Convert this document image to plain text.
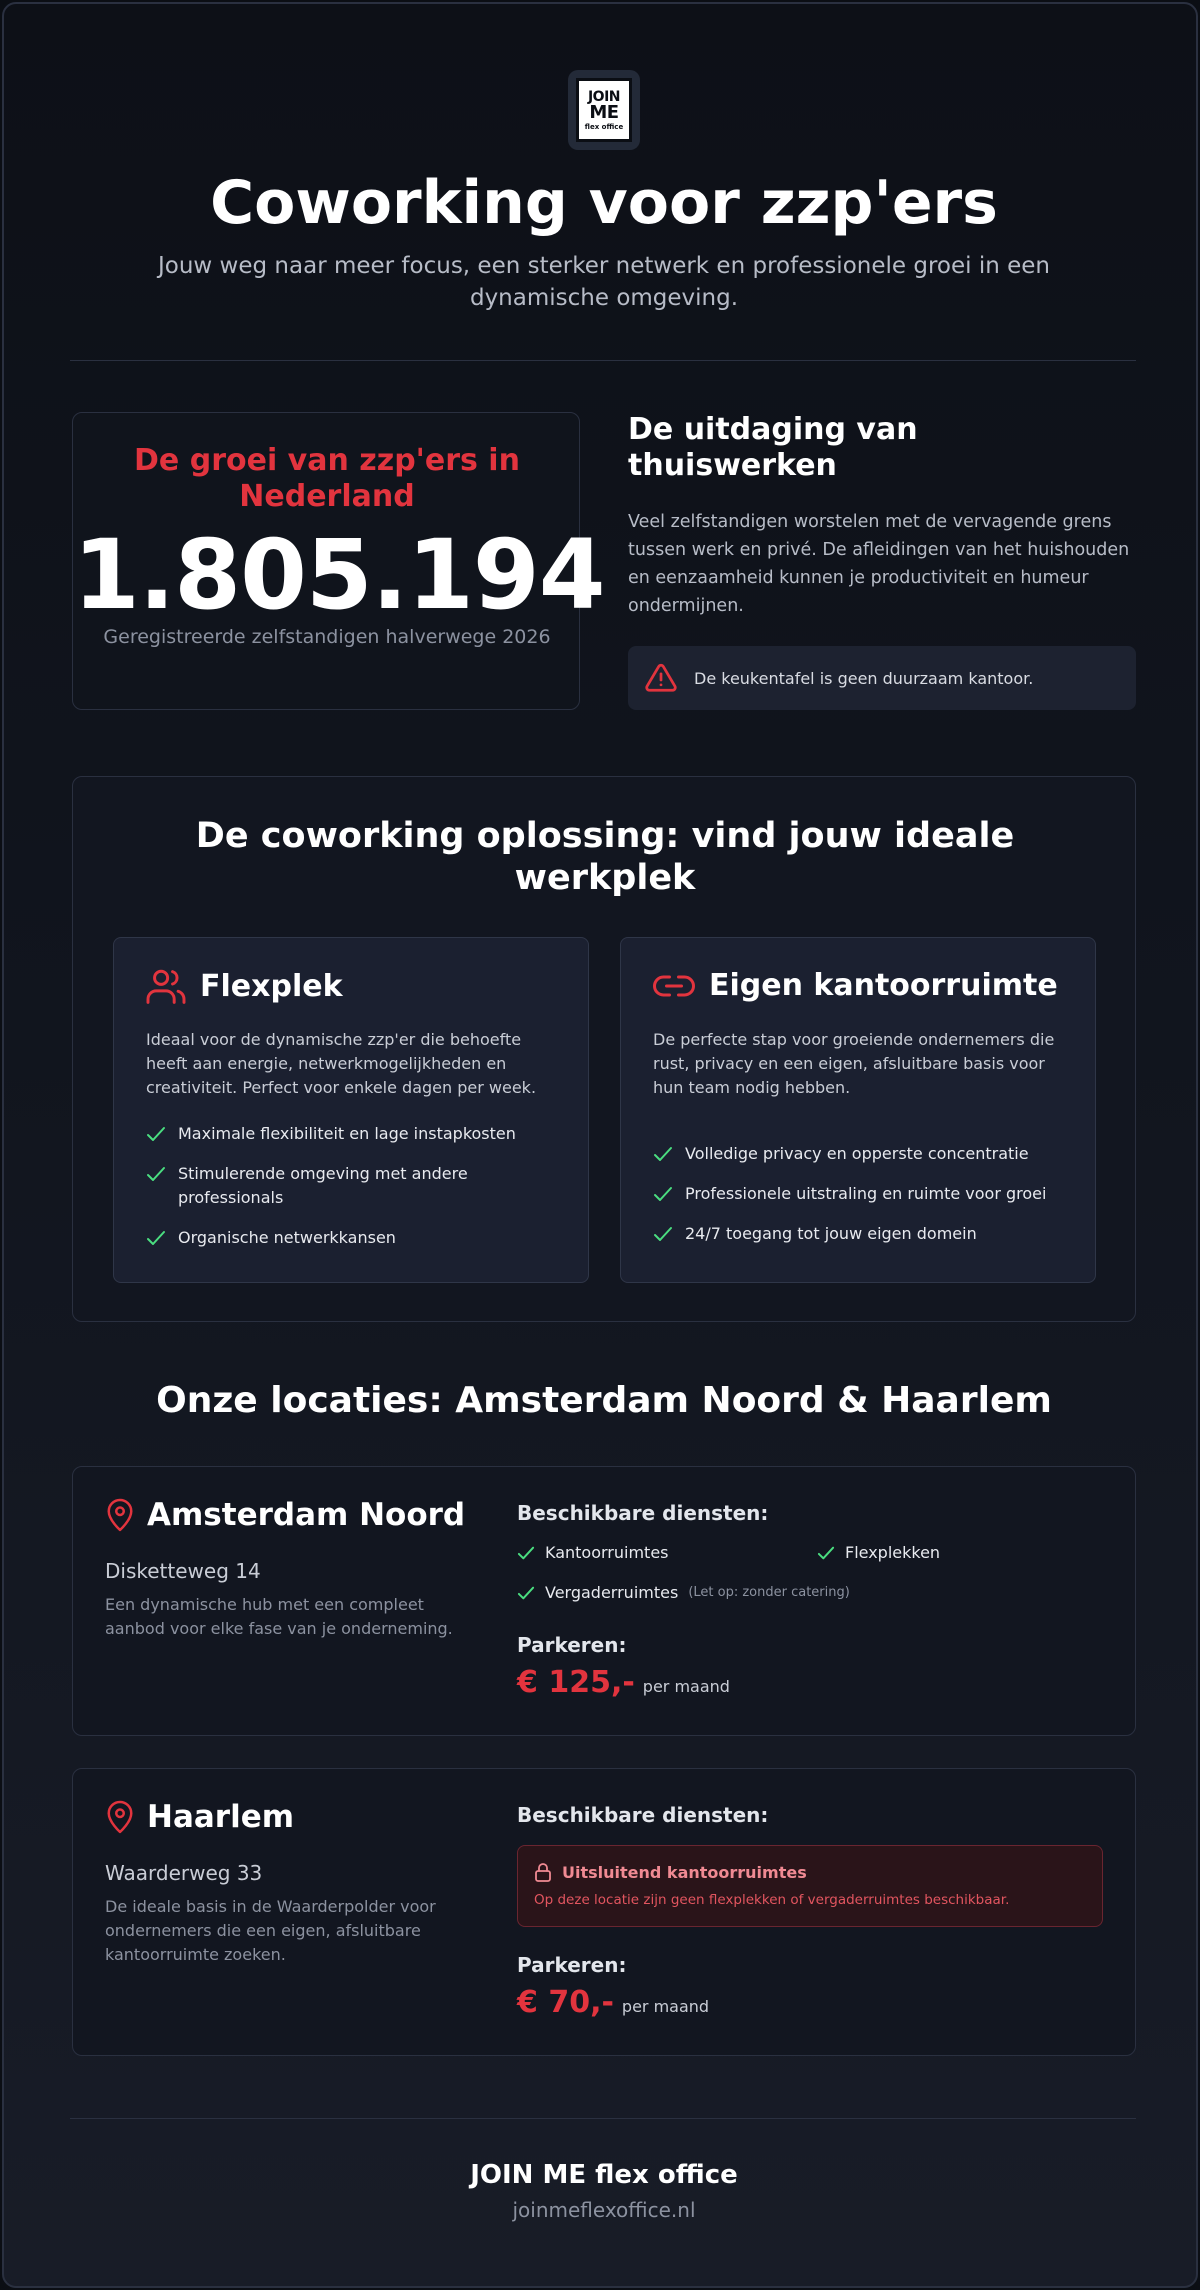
JOIN
ME
flex office
Coworking voor zzp'ers

Jouw weg naar meer focus, een sterker netwerk en professionele groei in een dynamische omgeving.

De groei van zzp'ers in Nederland
1.805.194

Geregistreerde zelfstandigen halverwege 2026

De uitdaging van thuiswerken

Veel zelfstandigen worstelen met de vervagende grens tussen werk en privé. De afleidingen van het huishouden en eenzaamheid kunnen je productiviteit en humeur ondermijnen.

De keukentafel is geen duurzaam kantoor.
De coworking oplossing: vind jouw ideale werkplek
Flexplek

Ideaal voor de dynamische zzp'er die behoefte heeft aan energie, netwerkmogelijkheden en creativiteit. Perfect voor enkele dagen per week.

Maximale flexibiliteit en lage instapkosten
Stimulerende omgeving met andere professionals
Organische netwerkkansen
Eigen kantoorruimte

De perfecte stap voor groeiende ondernemers die rust, privacy en een eigen, afsluitbare basis voor hun team nodig hebben.

Volledige privacy en opperste concentratie
Professionele uitstraling en ruimte voor groei
24/7 toegang tot jouw eigen domein
Onze locaties: Amsterdam Noord & Haarlem
Amsterdam Noord
Disketteweg 14

Een dynamische hub met een compleet aanbod voor elke fase van je onderneming.

Beschikbare diensten:
Kantoorruimtes	Flexplekken
Vergaderruimtes (Let op: zonder catering)
Parkeren:
€ 125,- per maand
Haarlem
Waarderweg 33

De ideale basis in de Waarderpolder voor ondernemers die een eigen, afsluitbare kantoorruimte zoeken.

Beschikbare diensten:
Uitsluitend kantoorruimtes
Op deze locatie zijn geen flexplekken of vergaderruimtes beschikbaar.
Parkeren:
€ 70,- per maand
JOIN ME flex office
joinmeflexoffice.nl
